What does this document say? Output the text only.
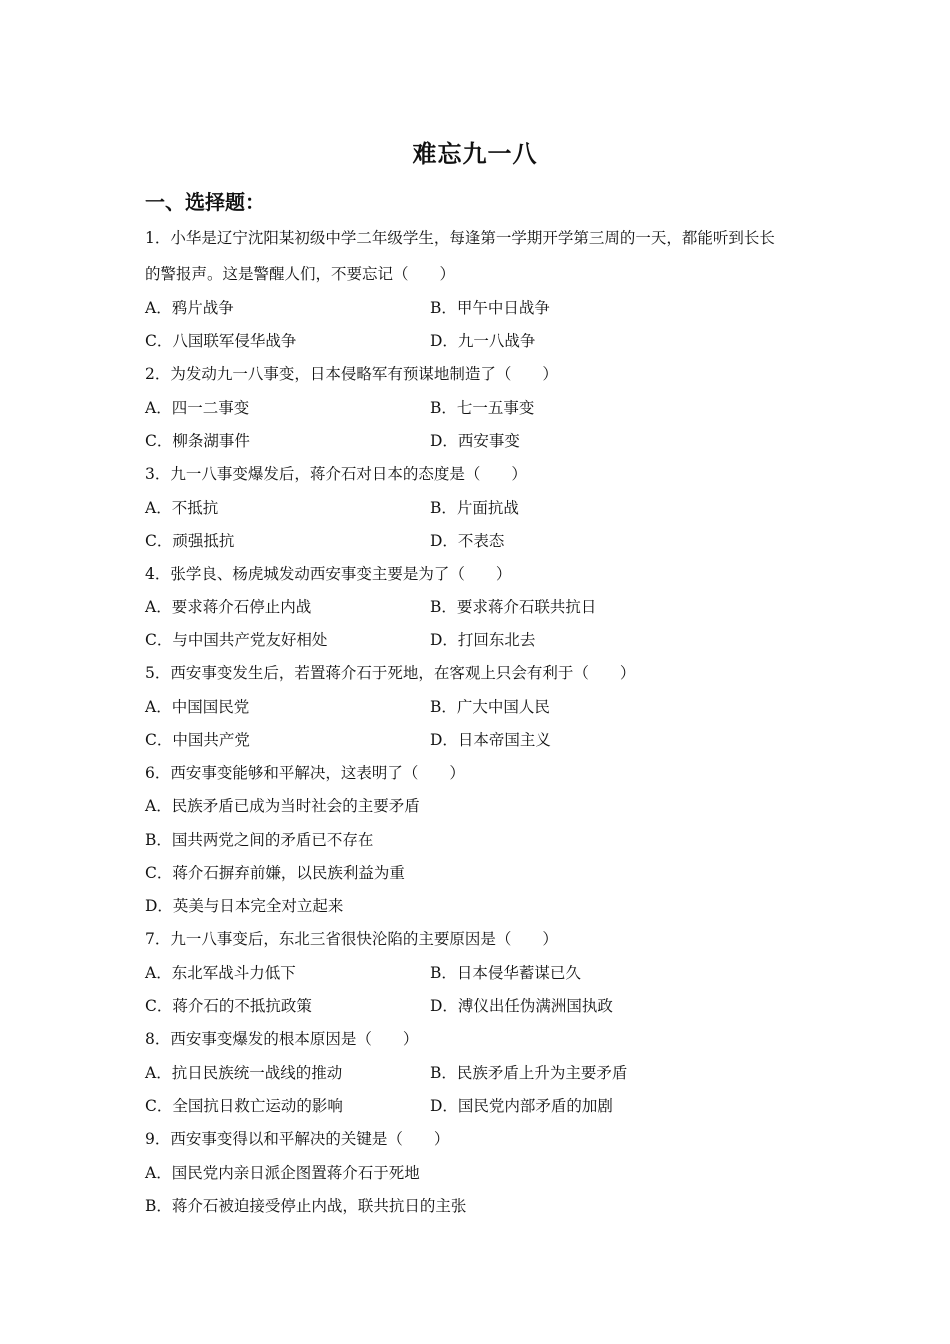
难忘九一八
一、选择题：
1．小华是辽宁沈阳某初级中学二年级学生，每逢第一学期开学第三周的一天，都能听到长长
的警报声。这是警醒人们，不要忘记（　　）
A．鸦片战争	B．甲午中日战争
C．八国联军侵华战争	D．九一八战争
2．为发动九一八事变，日本侵略军有预谋地制造了（　　）
A．四一二事变	B．七一五事变
C．柳条湖事件	D．西安事变
3．九一八事变爆发后，蒋介石对日本的态度是（　　）
A．不抵抗	B．片面抗战
C．顽强抵抗	D．不表态
4．张学良、杨虎城发动西安事变主要是为了（　　）
A．要求蒋介石停止内战	B．要求蒋介石联共抗日
C．与中国共产党友好相处	D．打回东北去
5．西安事变发生后，若置蒋介石于死地，在客观上只会有利于（　　）
A．中国国民党	B．广大中国人民
C．中国共产党	D．日本帝国主义
6．西安事变能够和平解决，这表明了（　　）
A．民族矛盾已成为当时社会的主要矛盾
B．国共两党之间的矛盾已不存在
C．蒋介石摒弃前嫌，以民族利益为重
D．英美与日本完全对立起来
7．九一八事变后，东北三省很快沦陷的主要原因是（　　）
A．东北军战斗力低下	B．日本侵华蓄谋已久
C．蒋介石的不抵抗政策	D．溥仪出任伪满洲国执政
8．西安事变爆发的根本原因是（　　）
A．抗日民族统一战线的推动	B．民族矛盾上升为主要矛盾
C．全国抗日救亡运动的影响	D．国民党内部矛盾的加剧
9．西安事变得以和平解决的关键是（　　）
A．国民党内亲日派企图置蒋介石于死地
B．蒋介石被迫接受停止内战，联共抗日的主张
